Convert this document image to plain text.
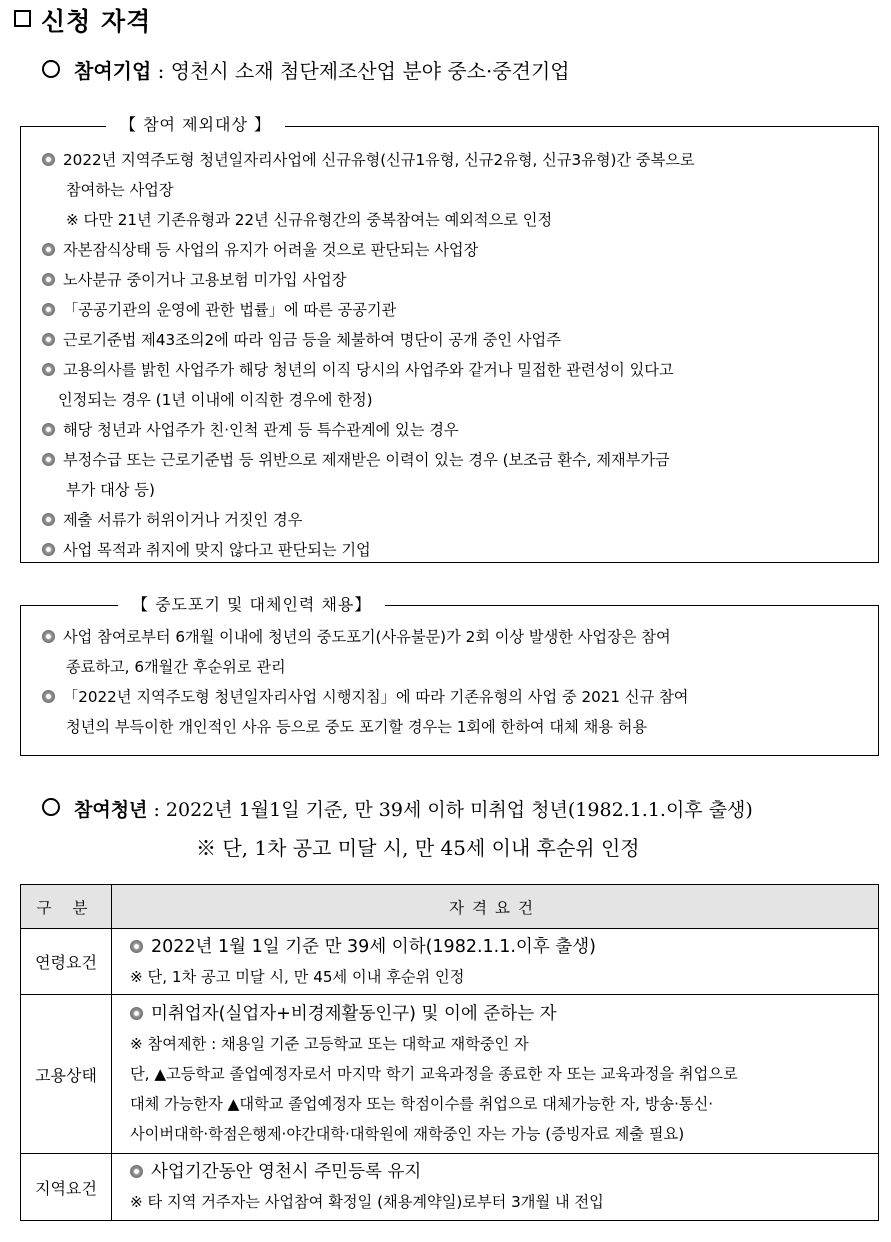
신청 자격
참여기업 : 영천시 소재 첨단제조산업 분야 중소·중견기업
【 참여 제외대상 】
2022년 지역주도형 청년일자리사업에 신규유형(신규1유형, 신규2유형, 신규3유형)간 중복으로
참여하는 사업장
※ 다만 21년 기존유형과 22년 신규유형간의 중복참여는 예외적으로 인정
자본잠식상태 등 사업의 유지가 어려울 것으로 판단되는 사업장
노사분규 중이거나 고용보험 미가입 사업장
「공공기관의 운영에 관한 법률」에 따른 공공기관
근로기준법 제43조의2에 따라 임금 등을 체불하여 명단이 공개 중인 사업주
고용의사를 밝힌 사업주가 해당 청년의 이직 당시의 사업주와 같거나 밀접한 관련성이 있다고
인정되는 경우 (1년 이내에 이직한 경우에 한정)
해당 청년과 사업주가 친·인척 관계 등 특수관계에 있는 경우
부정수급 또는 근로기준법 등 위반으로 제재받은 이력이 있는 경우 (보조금 환수, 제재부가금
부가 대상 등)
제출 서류가 허위이거나 거짓인 경우
사업 목적과 취지에 맞지 않다고 판단되는 기업
【 중도포기 및 대체인력 채용】
사업 참여로부터 6개월 이내에 청년의 중도포기(사유불문)가 2회 이상 발생한 사업장은 참여
종료하고, 6개월간 후순위로 관리
「2022년 지역주도형 청년일자리사업 시행지침」에 따라 기존유형의 사업 중 2021 신규 참여
청년의 부득이한 개인적인 사유 등으로 중도 포기할 경우는 1회에 한하여 대체 채용 허용
참여청년 : 2022년 1월1일 기준, 만 39세 이하 미취업 청년(1982.1.1.이후 출생)
※ 단, 1차 공고 미달 시, 만 45세 이내 후순위 인정
구 분	자격요건
연령요건	2022년 1월 1일 기준 만 39세 이하(1982.1.1.이후 출생)
※ 단, 1차 공고 미달 시, 만 45세 이내 후순위 인정

고용상태	미취업자(실업자+비경제활동인구) 및 이에 준하는 자
※ 참여제한 : 채용일 기준 고등학교 또는 대학교 재학중인 자
단, ▲고등학교 졸업예정자로서 마지막 학기 교육과정을 종료한 자 또는 교육과정을 취업으로
대체 가능한자 ▲대학교 졸업예정자 또는 학점이수를 취업으로 대체가능한 자, 방송·통신·
사이버대학·학점은행제·야간대학·대학원에 재학중인 자는 가능 (증빙자료 제출 필요)

지역요건	사업기간동안 영천시 주민등록 유지
※ 타 지역 거주자는 사업참여 확정일 (채용계약일)로부터 3개월 내 전입
